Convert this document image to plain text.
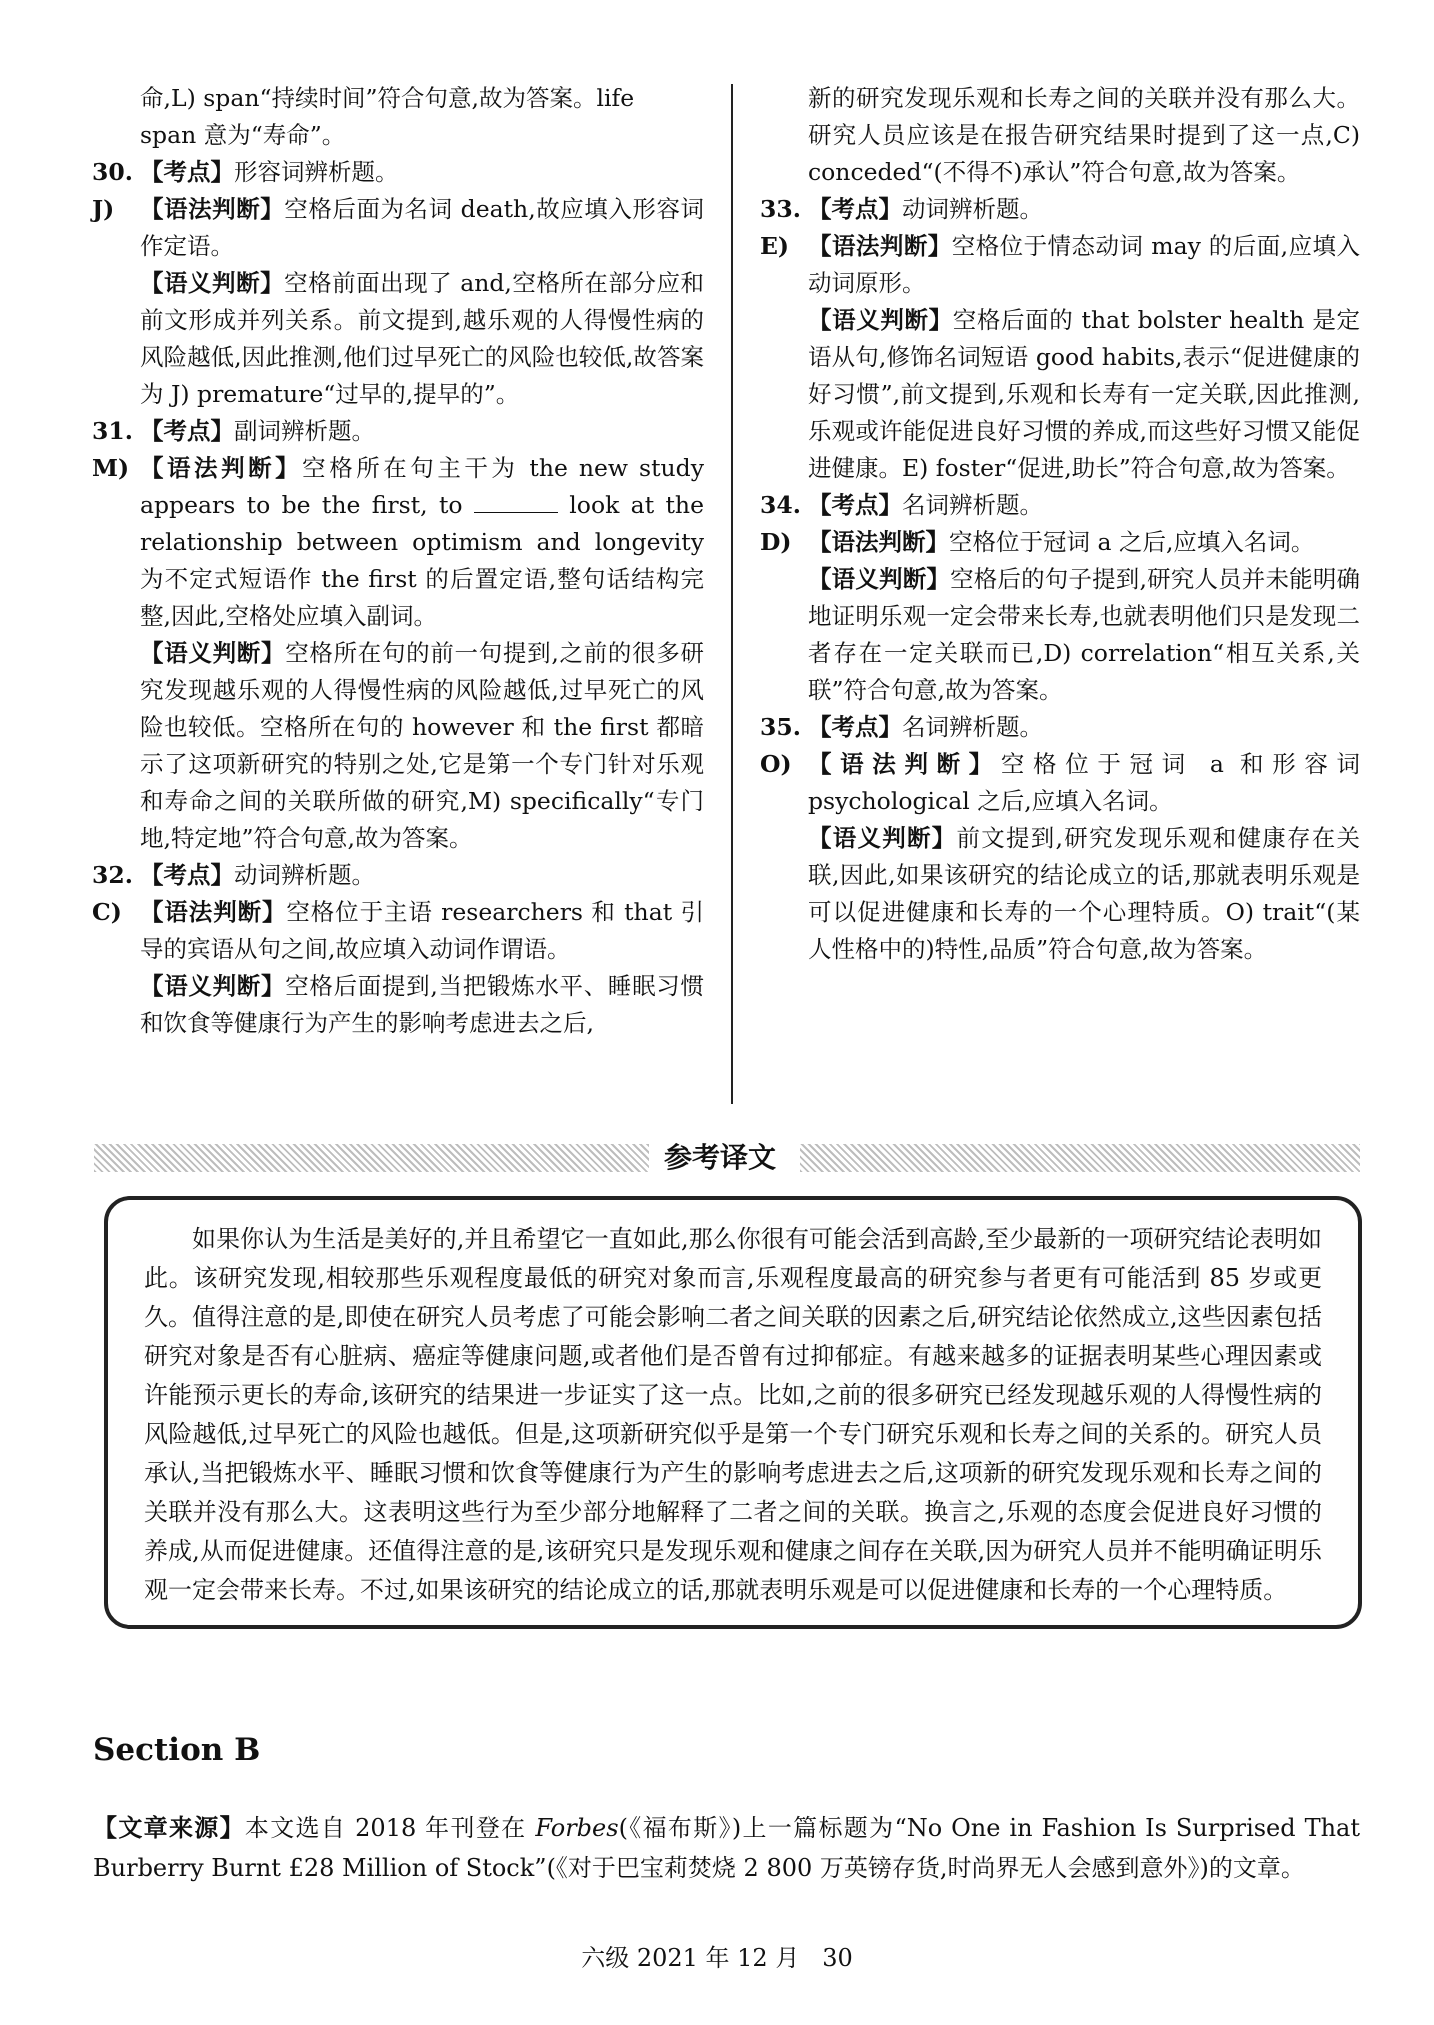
命,L) span“持续时间”符合句意,故为答案。life
span 意为“寿命”。
30. 【考点】形容词辨析题。
J)	【语法判断】空格后面为名词 death,故应填入形容词作定语。
【语义判断】空格前面出现了 and,空格所在部分应和前文形成并列关系。前文提到,越乐观的人得慢性病的风险越低,因此推测,他们过早死亡的风险也较低,故答案为 J) premature“过早的,提早的”。
31. 【考点】副词辨析题。
M) 【语法判断】空格所在句主干为 the new study appears to be the first, to	look at the relationship between optimism and longevity 为不定式短语作 the first 的后置定语,整句话结构完整,因此,空格处应填入副词。
【语义判断】空格所在句的前一句提到,之前的很多研究发现越乐观的人得慢性病的风险越低,过早死亡的风险也较低。空格所在句的 however 和 the first 都暗示了这项新研究的特别之处,它是第一个专门针对乐观和寿命之间的关联所做的研究,M) specifically“专门地,特定地”符合句意,故为答案。
32. 【考点】动词辨析题。
C) 【语法判断】空格位于主语 researchers 和 that 引导的宾语从句之间,故应填入动词作谓语。
【语义判断】空格后面提到,当把锻炼水平、睡眠习惯和饮食等健康行为产生的影响考虑进去之后,
新的研究发现乐观和长寿之间的关联并没有那么大。研究人员应该是在报告研究结果时提到了这一点,C) conceded“(不得不)承认”符合句意,故为答案。
33. 【考点】动词辨析题。
E) 【语法判断】空格位于情态动词 may 的后面,应填入动词原形。
【语义判断】空格后面的 that bolster health 是定语从句,修饰名词短语 good habits,表示“促进健康的好习惯”,前文提到,乐观和长寿有一定关联,因此推测,乐观或许能促进良好习惯的养成,而这些好习惯又能促进健康。E) foster“促进,助长”符合句意,故为答案。
34. 【考点】名词辨析题。
D) 【语法判断】空格位于冠词 a 之后,应填入名词。
【语义判断】空格后的句子提到,研究人员并未能明确地证明乐观一定会带来长寿,也就表明他们只是发现二者存在一定关联而已,D) correlation“相互关系,关联”符合句意,故为答案。
35. 【考点】名词辨析题。
O) 【语法判断】空格位于冠词 a 和形容词 psychological 之后,应填入名词。
【语义判断】前文提到,研究发现乐观和健康存在关联,因此,如果该研究的结论成立的话,那就表明乐观是可以促进健康和长寿的一个心理特质。O) trait“(某人性格中的)特性,品质”符合句意,故为答案。
参考译文

如果你认为生活是美好的,并且希望它一直如此,那么你很有可能会活到高龄,至少最新的一项研究结论表明如此。该研究发现,相较那些乐观程度最低的研究对象而言,乐观程度最高的研究参与者更有可能活到 85 岁或更久。值得注意的是,即使在研究人员考虑了可能会影响二者之间关联的因素之后,研究结论依然成立,这些因素包括研究对象是否有心脏病、癌症等健康问题,或者他们是否曾有过抑郁症。有越来越多的证据表明某些心理因素或许能预示更长的寿命,该研究的结果进一步证实了这一点。比如,之前的很多研究已经发现越乐观的人得慢性病的风险越低,过早死亡的风险也越低。但是,这项新研究似乎是第一个专门研究乐观和长寿之间的关系的。研究人员承认,当把锻炼水平、睡眠习惯和饮食等健康行为产生的影响考虑进去之后,这项新的研究发现乐观和长寿之间的关联并没有那么大。这表明这些行为至少部分地解释了二者之间的关联。换言之,乐观的态度会促进良好习惯的养成,从而促进健康。还值得注意的是,该研究只是发现乐观和健康之间存在关联,因为研究人员并不能明确证明乐观一定会带来长寿。不过,如果该研究的结论成立的话,那就表明乐观是可以促进健康和长寿的一个心理特质。

Section B
【文章来源】本文选自 2018 年刊登在 Forbes(《福布斯》)上一篇标题为“No One in Fashion Is Surprised That Burberry Burnt £28 Million of Stock”(《对于巴宝莉焚烧 2 800 万英镑存货,时尚界无人会感到意外》)的文章。
六级 2021 年 12 月 30
